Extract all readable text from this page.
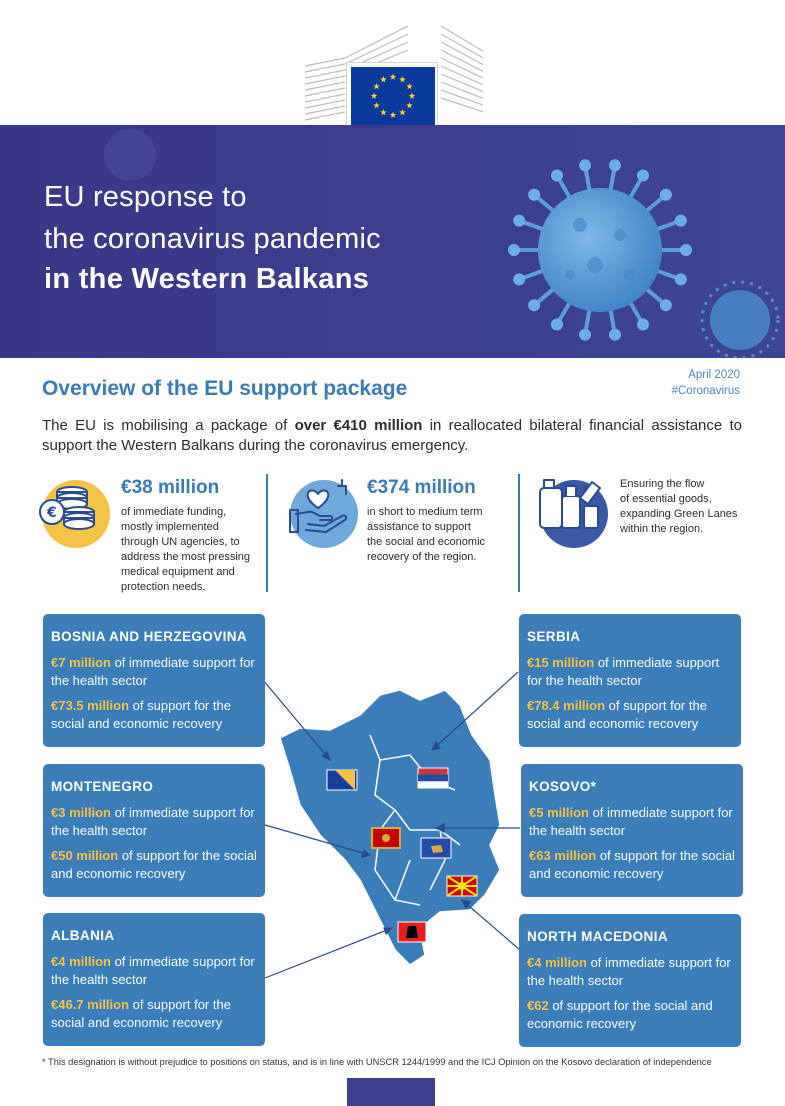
EU response to
the coronavirus pandemic
in the Western Balkans
Overview of the EU support package
April 2020
#Coronavirus
The EU is mobilising a package of over €410 million in reallocated bilateral financial assistance to support the Western Balkans during the coronavirus emergency.
€
€38 million
of immediate funding,
mostly implemented
through UN agencies, to
address the most pressing
medical equipment and
protection needs.
€374 million
in short to medium term
assistance to support
the social and economic
recovery of the region.
Ensuring the flow
of essential goods,
expanding Green Lanes
within the region.
BOSNIA AND HERZEGOVINA
€7 million of immediate support for the health sector
€73.5 million of support for the social and economic recovery
SERBIA
€15 million of immediate support for the health sector
€78.4 million of support for the social and economic recovery
MONTENEGRO
€3 million of immediate support for the health sector
€50 million of support for the social and economic recovery
KOSOVO*
€5 million of immediate support for the health sector
€63 million of support for the social and economic recovery
ALBANIA
€4 million of immediate support for the health sector
€46.7 million of support for the social and economic recovery
NORTH MACEDONIA
€4 million of immediate support for the health sector
€62 of support for the social and economic recovery
* This designation is without prejudice to positions on status, and is in line with UNSCR 1244/1999 and the ICJ Opinion on the Kosovo declaration of independence
